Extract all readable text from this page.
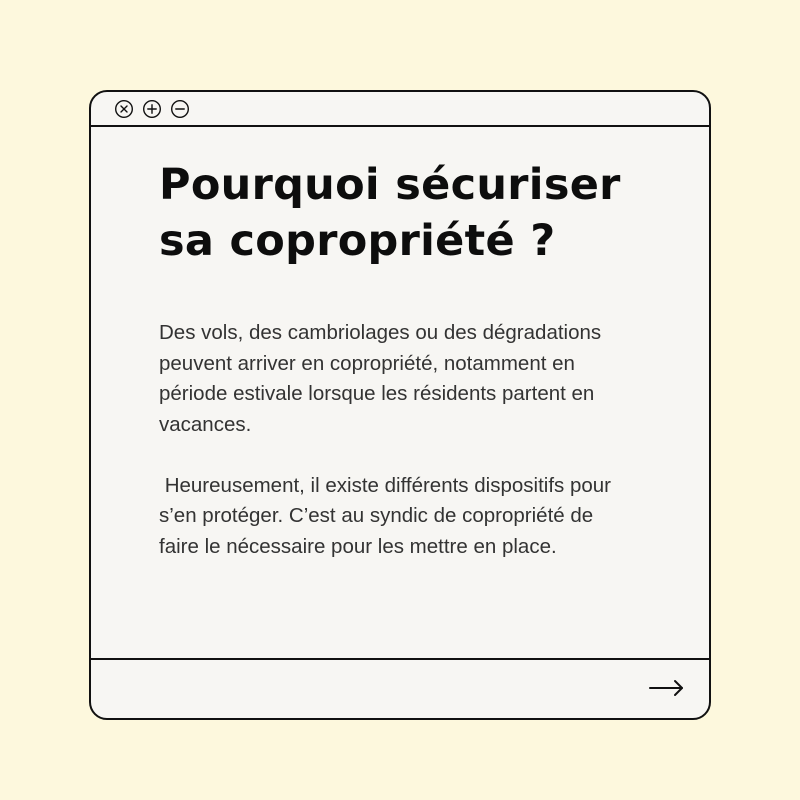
Pourquoi sécuriser
sa copropriété ?

Des vols, des cambriolages ou des dégradations peuvent arriver en copropriété, notamment en période estivale lorsque les résidents partent en vacances.

Heureusement, il existe différents dispositifs pour s’en protéger. C’est au syndic de copropriété de faire le nécessaire pour les mettre en place.
